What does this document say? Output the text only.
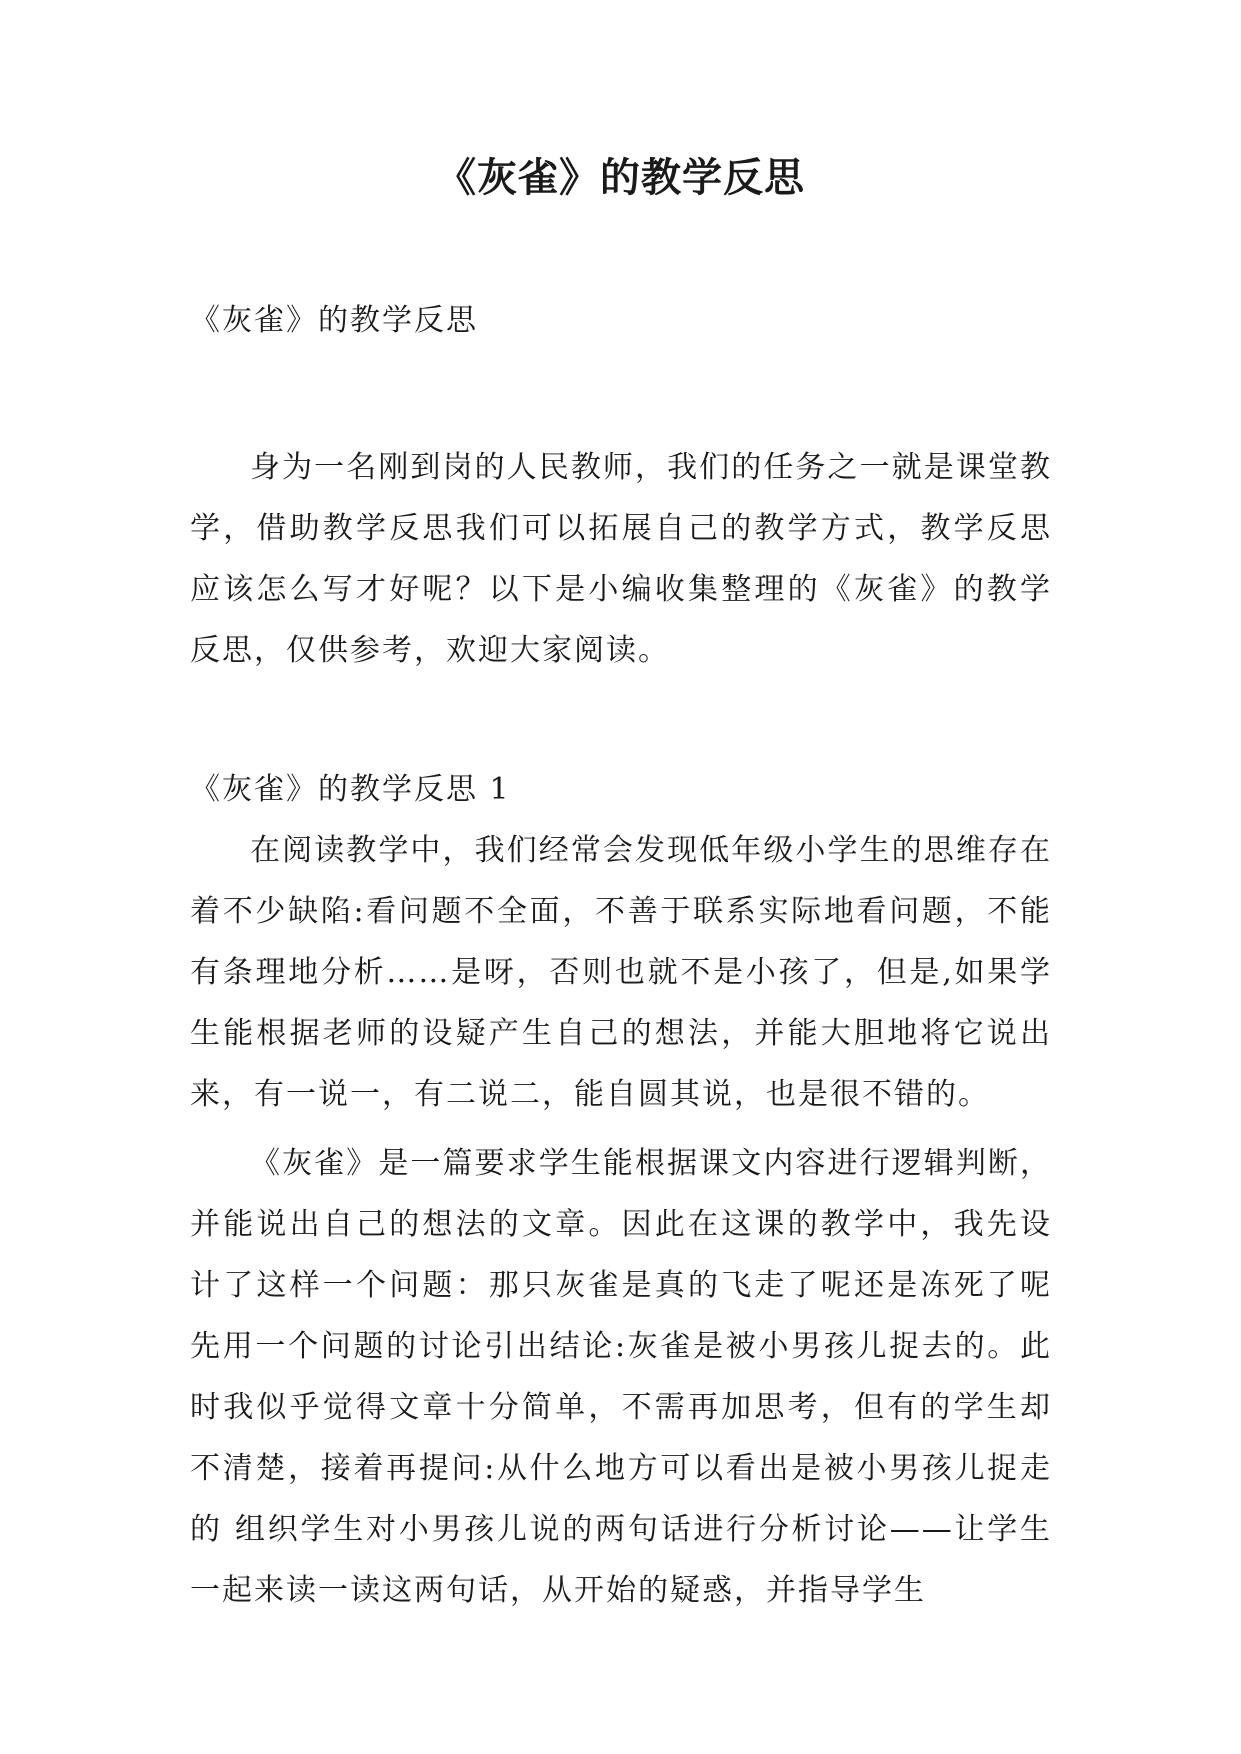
《灰雀》的教学反思

《灰雀》的教学反思

身为一名刚到岗的人民教师，我们的任务之一就是课堂教学，借助教学反思我们可以拓展自己的教学方式，教学反思应该怎么写才好呢？以下是小编收集整理的《灰雀》的教学反思，仅供参考，欢迎大家阅读。

《灰雀》的教学反思 1

在阅读教学中，我们经常会发现低年级小学生的思维存在着不少缺陷:看问题不全面，不善于联系实际地看问题，不能有条理地分析……是呀，否则也就不是小孩了，但是,如果学生能根据老师的设疑产生自己的想法，并能大胆地将它说出来，有一说一，有二说二，能自圆其说，也是很不错的。

《灰雀》是一篇要求学生能根据课文内容进行逻辑判断，并能说出自己的想法的文章。因此在这课的教学中，我先设计了这样一个问题：那只灰雀是真的飞走了呢还是冻死了呢先用一个问题的讨论引出结论:灰雀是被小男孩儿捉去的。此时我似乎觉得文章十分简单，不需再加思考，但有的学生却不清楚，接着再提问:从什么地方可以看出是被小男孩儿捉走的 组织学生对小男孩儿说的两句话进行分析讨论——让学生一起来读一读这两句话，从开始的疑惑，并指导学生
